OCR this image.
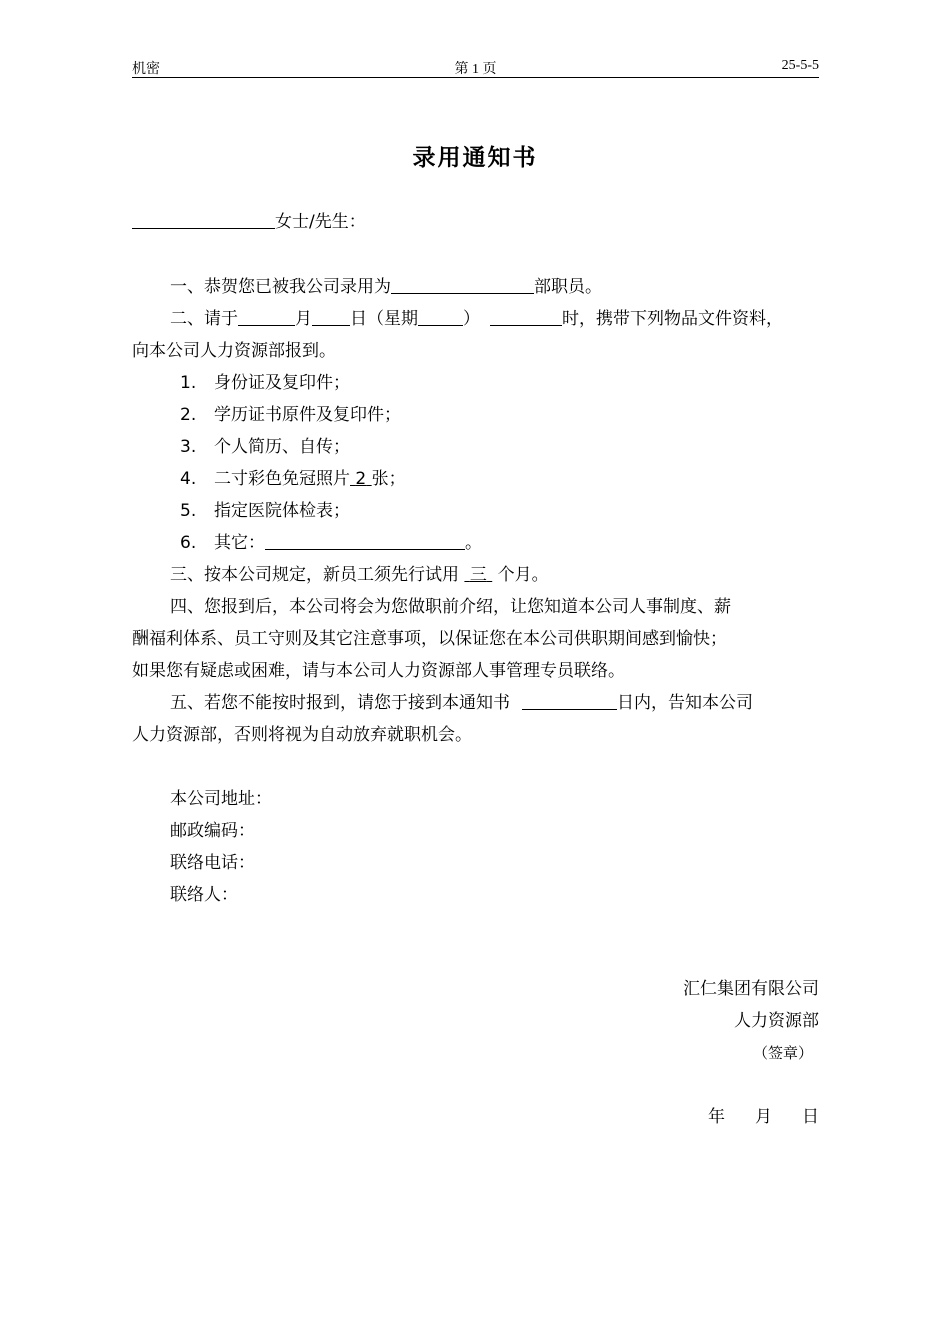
机密	第 1 页	25-5-5
录用通知书
女士/先生：
一、恭贺您已被我公司录用为	部职员。
二、请于	月 日（星期	）	时，携带下列物品文件资料，
向本公司人力资源部报到。
1. 身份证及复印件；
2. 学历证书原件及复印件；
3. 个人简历、自传；
4. 二寸彩色免冠照片 2 张；
5. 指定医院体检表；
6. 其它：	。
三、按本公司规定，新员工须先行试用 三 个月。
四、您报到后，本公司将会为您做职前介绍，让您知道本公司人事制度、薪
酬福利体系、员工守则及其它注意事项，以保证您在本公司供职期间感到愉快；
如果您有疑虑或困难，请与本公司人力资源部人事管理专员联络。
五、若您不能按时报到，请您于接到本通知书	日内，告知本公司
人力资源部，否则将视为自动放弃就职机会。
本公司地址：
邮政编码：
联络电话：
联络人：
汇仁集团有限公司
人力资源部
（签章）
年 月 日
